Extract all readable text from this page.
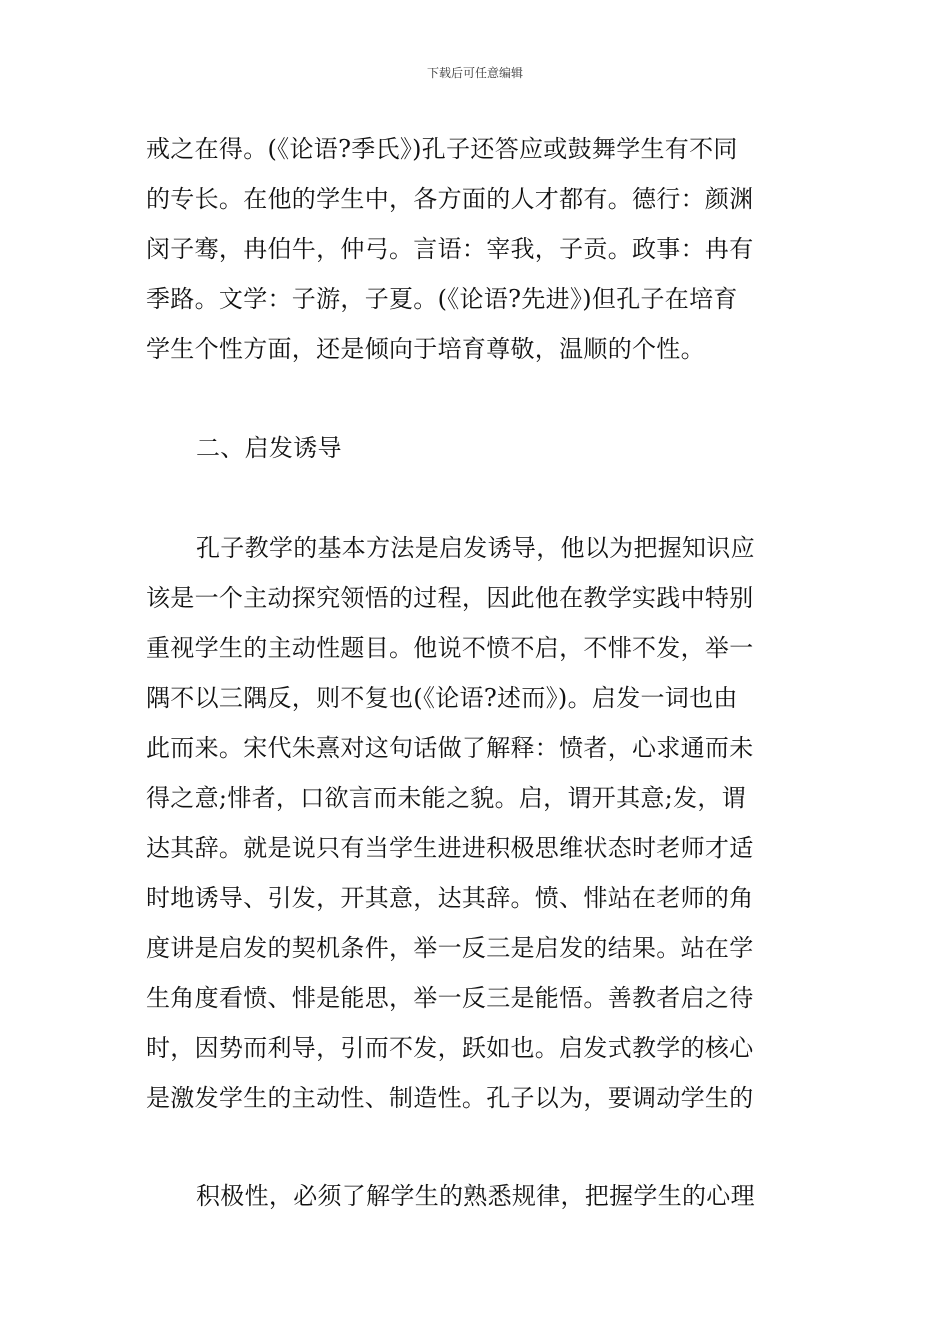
下载后可任意编辑
戒之在得。(《论语?季氏》)孔子还答应或鼓舞学生有不同
的专长。在他的学生中，各方面的人才都有。德行：颜渊
闵子骞，冉伯牛，仲弓。言语：宰我，子贡。政事：冉有
季路。文学：子游，子夏。(《论语?先进》)但孔子在培育
学生个性方面，还是倾向于培育尊敬，温顺的个性。
二、启发诱导
孔子教学的基本方法是启发诱导，他以为把握知识应
该是一个主动探究领悟的过程，因此他在教学实践中特别
重视学生的主动性题目。他说不愤不启，不悱不发，举一
隅不以三隅反，则不复也(《论语?述而》)。启发一词也由
此而来。宋代朱熹对这句话做了解释：愤者，心求通而未
得之意;悱者，口欲言而未能之貌。启，谓开其意;发，谓
达其辞。就是说只有当学生进进积极思维状态时老师才适
时地诱导、引发，开其意，达其辞。愤、悱站在老师的角
度讲是启发的契机条件，举一反三是启发的结果。站在学
生角度看愤、悱是能思，举一反三是能悟。善教者启之待
时，因势而利导，引而不发，跃如也。启发式教学的核心
是激发学生的主动性、制造性。孔子以为，要调动学生的
积极性，必须了解学生的熟悉规律，把握学生的心理
